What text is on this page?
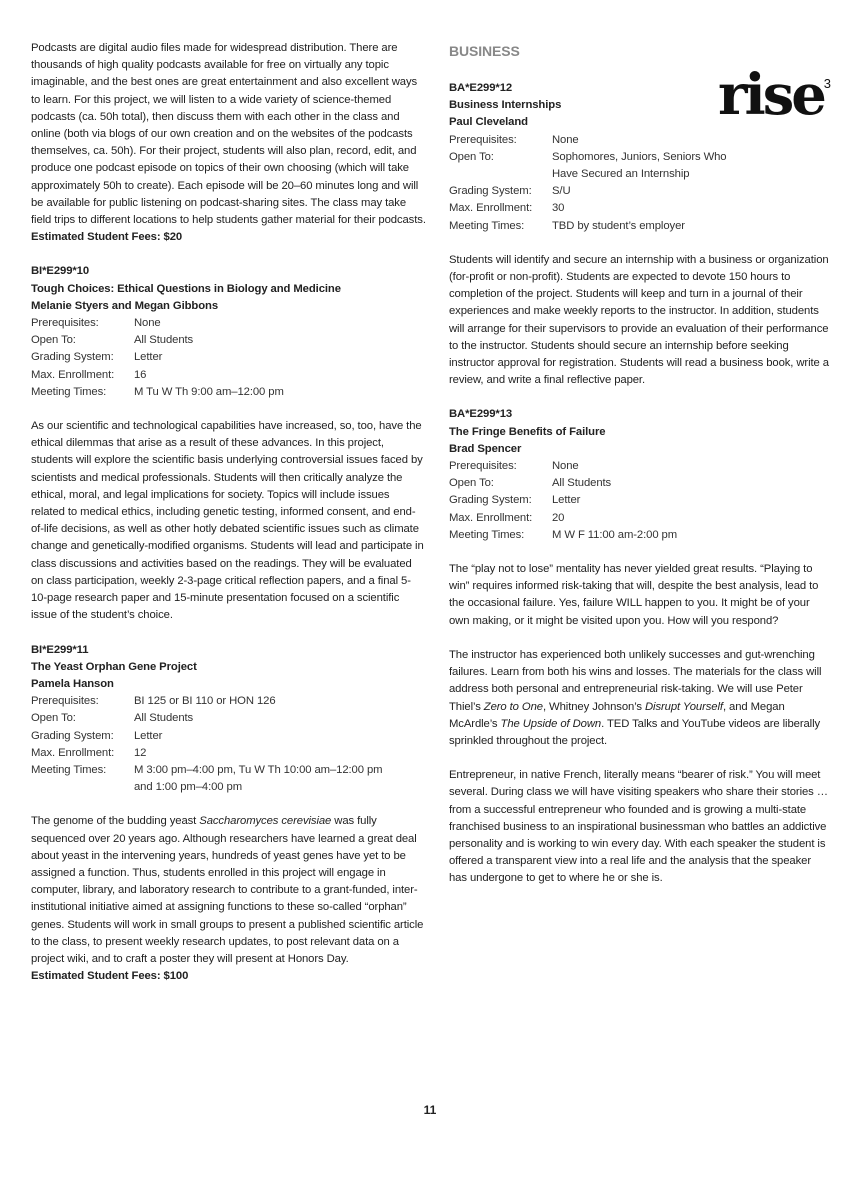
Podcasts are digital audio files made for widespread distribution. There are thousands of high quality podcasts available for free on virtually any topic imaginable, and the best ones are great entertainment and also excellent ways to learn. For this project, we will listen to a wide variety of science-themed podcasts (ca. 50h total), then discuss them with each other in the class and online (both via blogs of our own creation and on the websites of the podcasts themselves, ca. 50h). For their project, students will also plan, record, edit, and produce one podcast episode on topics of their own choosing (which will take approximately 50h to create). Each episode will be 20–60 minutes long and will be available for public listening on podcast-sharing sites. The class may take field trips to different locations to help students gather material for their podcasts.

Estimated Student Fees: $20

BI*E299*10

Tough Choices: Ethical Questions in Biology and Medicine

Melanie Styers and Megan Gibbons

Prerequisites:	None
Open To:	All Students
Grading System:	Letter
Max. Enrollment:	16
Meeting Times:	M Tu W Th 9:00 am–12:00 pm

As our scientific and technological capabilities have increased, so, too, have the ethical dilemmas that arise as a result of these advances. In this project, students will explore the scientific basis underlying controversial issues faced by scientists and medical professionals. Students will then critically analyze the ethical, moral, and legal implications for society. Topics will include issues related to medical ethics, including genetic testing, informed consent, and end-of-life decisions, as well as other hotly debated scientific issues such as climate change and genetically-modified organisms. Students will lead and participate in class discussions and activities based on the readings. They will be evaluated on class participation, weekly 2-3-page critical reflection papers, and a final 5-10-page research paper and 15-minute presentation focused on a scientific issue of the student’s choice.

BI*E299*11

The Yeast Orphan Gene Project

Pamela Hanson

Prerequisites:	BI 125 or BI 110 or HON 126
Open To:	All Students
Grading System:	Letter
Max. Enrollment:	12
Meeting Times:	M 3:00 pm–4:00 pm, Tu W Th 10:00 am–12:00 pm and 1:00 pm–4:00 pm

The genome of the budding yeast Saccharomyces cerevisiae was fully sequenced over 20 years ago. Although researchers have learned a great deal about yeast in the intervening years, hundreds of yeast genes have yet to be assigned a function. Thus, students enrolled in this project will engage in computer, library, and laboratory research to contribute to a grant-funded, inter-institutional initiative aimed at assigning functions to these so-called “orphan” genes. Students will work in small groups to present a published scientific article to the class, to present weekly research updates, to post relevant data on a project wiki, and to craft a poster they will present at Honors Day.

Estimated Student Fees: $100

rise 3
BUSINESS

BA*E299*12

Business Internships

Paul Cleveland

Prerequisites:	None
Open To:	Sophomores, Juniors, Seniors Who Have Secured an Internship
Grading System:	S/U
Max. Enrollment:	30
Meeting Times:	TBD by student’s employer

Students will identify and secure an internship with a business or organization (for-profit or non-profit). Students are expected to devote 150 hours to completion of the project. Students will keep and turn in a journal of their experiences and make weekly reports to the instructor. In addition, students will arrange for their supervisors to provide an evaluation of their performance to the instructor. Students should secure an internship before seeking instructor approval for registration. Students will read a business book, write a review, and write a final reflective paper.

BA*E299*13

The Fringe Benefits of Failure

Brad Spencer

Prerequisites:	None
Open To:	All Students
Grading System:	Letter
Max. Enrollment:	20
Meeting Times:	M W F 11:00 am-2:00 pm

The “play not to lose” mentality has never yielded great results. “Playing to win” requires informed risk-taking that will, despite the best analysis, lead to the occasional failure. Yes, failure WILL happen to you. It might be of your own making, or it might be visited upon you. How will you respond?

The instructor has experienced both unlikely successes and gut-wrenching failures. Learn from both his wins and losses. The materials for the class will address both personal and entrepreneurial risk-taking. We will use Peter Thiel’s Zero to One, Whitney Johnson’s Disrupt Yourself, and Megan McArdle’s The Upside of Down. TED Talks and YouTube videos are liberally sprinkled throughout the project.

Entrepreneur, in native French, literally means “bearer of risk.” You will meet several. During class we will have visiting speakers who share their stories … from a successful entrepreneur who founded and is growing a multi-state franchised business to an inspirational businessman who battles an addictive personality and is working to win every day. With each speaker the student is offered a transparent view into a real life and the analysis that the speaker has undergone to get to where he or she is.

11
